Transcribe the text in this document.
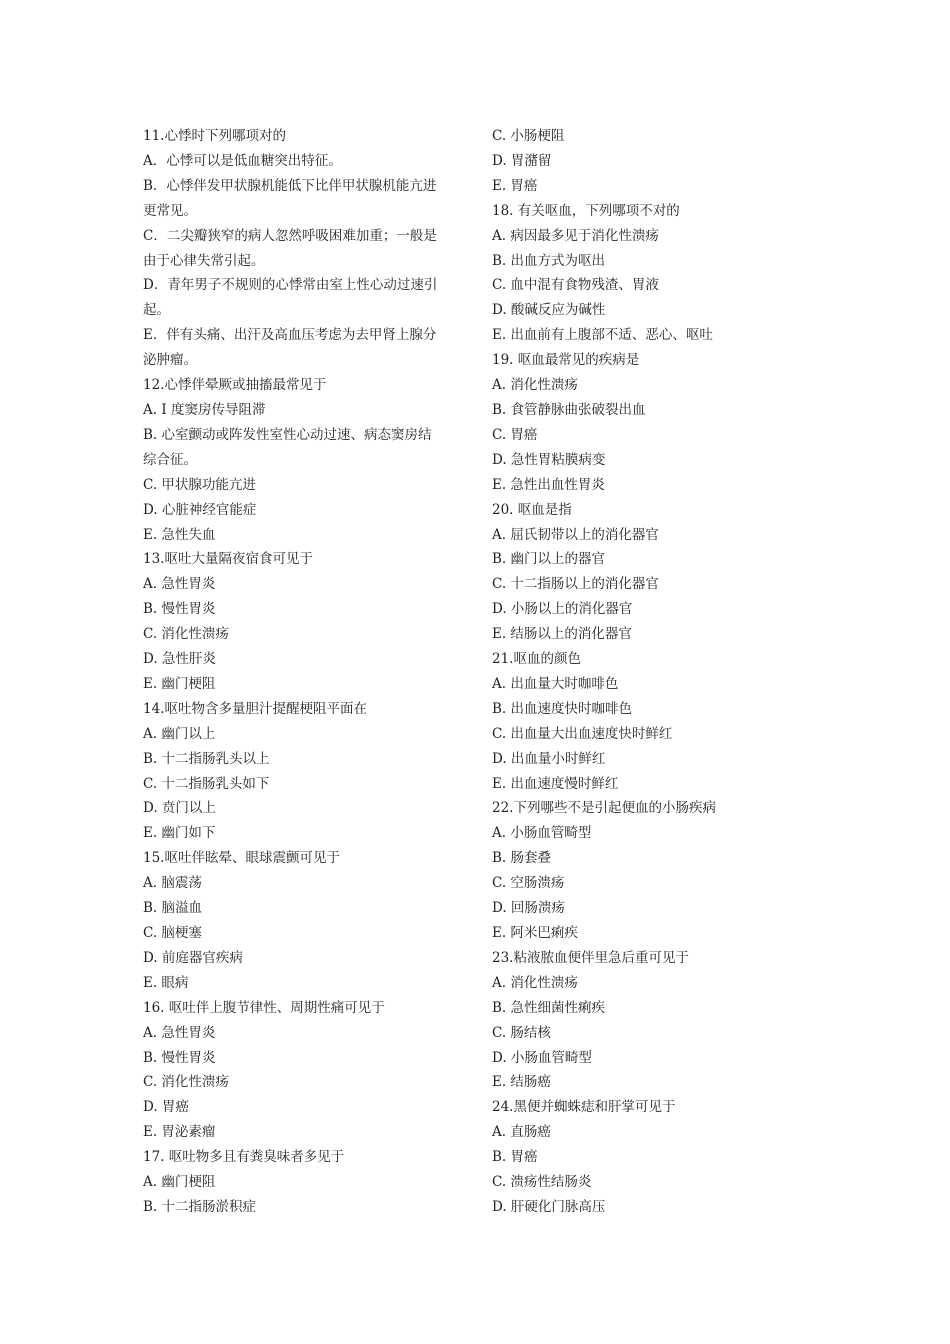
11.心悸时下列哪项对的
A．心悸可以是低血糖突出特征。
B．心悸伴发甲状腺机能低下比伴甲状腺机能亢进
更常见。
C．二尖瓣狭窄的病人忽然呼吸困难加重；一般是
由于心律失常引起。
D．青年男子不规则的心悸常由室上性心动过速引
起。
E．伴有头痛、出汗及高血压考虑为去甲肾上腺分
泌肿瘤。
12.心悸伴晕厥或抽搐最常见于
A. I 度窦房传导阻滞
B. 心室颤动或阵发性室性心动过速、病态窦房结
综合征。
C. 甲状腺功能亢进
D. 心脏神经官能症
E. 急性失血
13.呕吐大量隔夜宿食可见于
A. 急性胃炎
B. 慢性胃炎
C. 消化性溃疡
D. 急性肝炎
E. 幽门梗阻
14.呕吐物含多量胆汁提醒梗阻平面在
A. 幽门以上
B. 十二指肠乳头以上
C. 十二指肠乳头如下
D. 贲门以上
E. 幽门如下
15.呕吐伴眩晕、眼球震颤可见于
A. 脑震荡
B. 脑溢血
C. 脑梗塞
D. 前庭器官疾病
E. 眼病
16. 呕吐伴上腹节律性、周期性痛可见于
A. 急性胃炎
B. 慢性胃炎
C. 消化性溃疡
D. 胃癌
E. 胃泌素瘤
17. 呕吐物多且有粪臭味者多见于
A. 幽门梗阻
B. 十二指肠淤积症
C. 小肠梗阻
D. 胃潴留
E. 胃癌
18. 有关呕血，下列哪项不对的
A. 病因最多见于消化性溃疡
B. 出血方式为呕出
C. 血中混有食物残渣、胃液
D. 酸碱反应为碱性
E. 出血前有上腹部不适、恶心、呕吐
19. 呕血最常见的疾病是
A. 消化性溃疡
B. 食管静脉曲张破裂出血
C. 胃癌
D. 急性胃粘膜病变
E. 急性出血性胃炎
20. 呕血是指
A. 屈氏韧带以上的消化器官
B. 幽门以上的器官
C. 十二指肠以上的消化器官
D. 小肠以上的消化器官
E. 结肠以上的消化器官
21.呕血的颜色
A. 出血量大时咖啡色
B. 出血速度快时咖啡色
C. 出血量大出血速度快时鲜红
D. 出血量小时鲜红
E. 出血速度慢时鲜红
22.下列哪些不是引起便血的小肠疾病
A. 小肠血管畸型
B. 肠套叠
C. 空肠溃疡
D. 回肠溃疡
E. 阿米巴痢疾
23.粘液脓血便伴里急后重可见于
A. 消化性溃疡
B. 急性细菌性痢疾
C. 肠结核
D. 小肠血管畸型
E. 结肠癌
24.黑便并蜘蛛痣和肝掌可见于
A. 直肠癌
B. 胃癌
C. 溃疡性结肠炎
D. 肝硬化门脉高压
